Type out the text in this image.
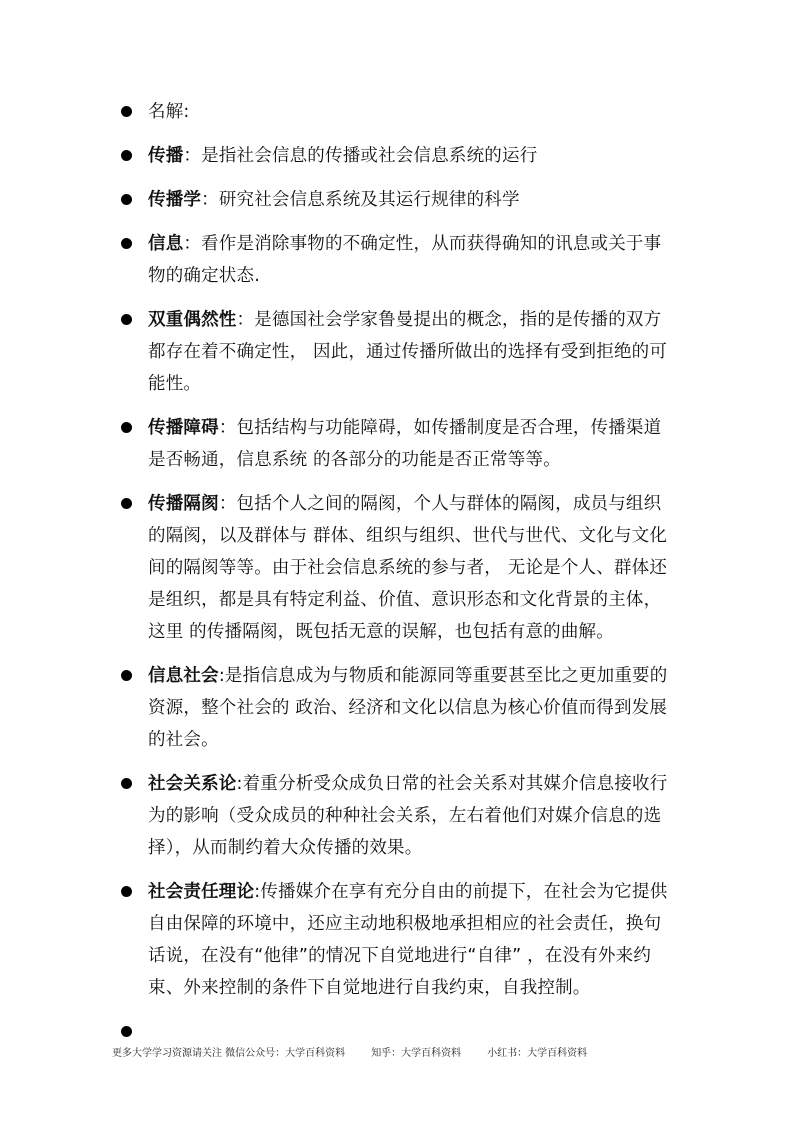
名解:
传播：是指社会信息的传播或社会信息系统的运行
传播学：研究社会信息系统及其运行规律的科学
信息：看作是消除事物的不确定性，从而获得确知的讯息或关于事物的确定状态.
双重偶然性：是德国社会学家鲁曼提出的概念，指的是传播的双方都存在着不确定性， 因此，通过传播所做出的选择有受到拒绝的可能性。
传播障碍：包括结构与功能障碍，如传播制度是否合理，传播渠道是否畅通，信息系统 的各部分的功能是否正常等等。
传播隔阂：包括个人之间的隔阂，个人与群体的隔阂，成员与组织的隔阂，以及群体与 群体、组织与组织、世代与世代、文化与文化间的隔阂等等。由于社会信息系统的参与者， 无论是个人、群体还是组织，都是具有特定利益、价值、意识形态和文化背景的主体，这里 的传播隔阂，既包括无意的误解，也包括有意的曲解。
信息社会:是指信息成为与物质和能源同等重要甚至比之更加重要的资源，整个社会的 政治、经济和文化以信息为核心价值而得到发展的社会。
社会关系论:着重分析受众成负日常的社会关系对其媒介信息接收行为的影响（受众成员的种种社会关系，左右着他们对媒介信息的选择），从而制约着大众传播的效果。
社会责任理论:传播媒介在享有充分自由的前提下，在社会为它提供自由保障的环境中，还应主动地积极地承担相应的社会责任，换句话说，在没有“他律”的情况下自觉地进行“自律” ，在没有外来约束、外来控制的条件下自觉地进行自我约束，自我控制。
更多大学学习资源请关注 微信公众号：大学百科资料	知乎：大学百科资料	小红书：大学百科资料
